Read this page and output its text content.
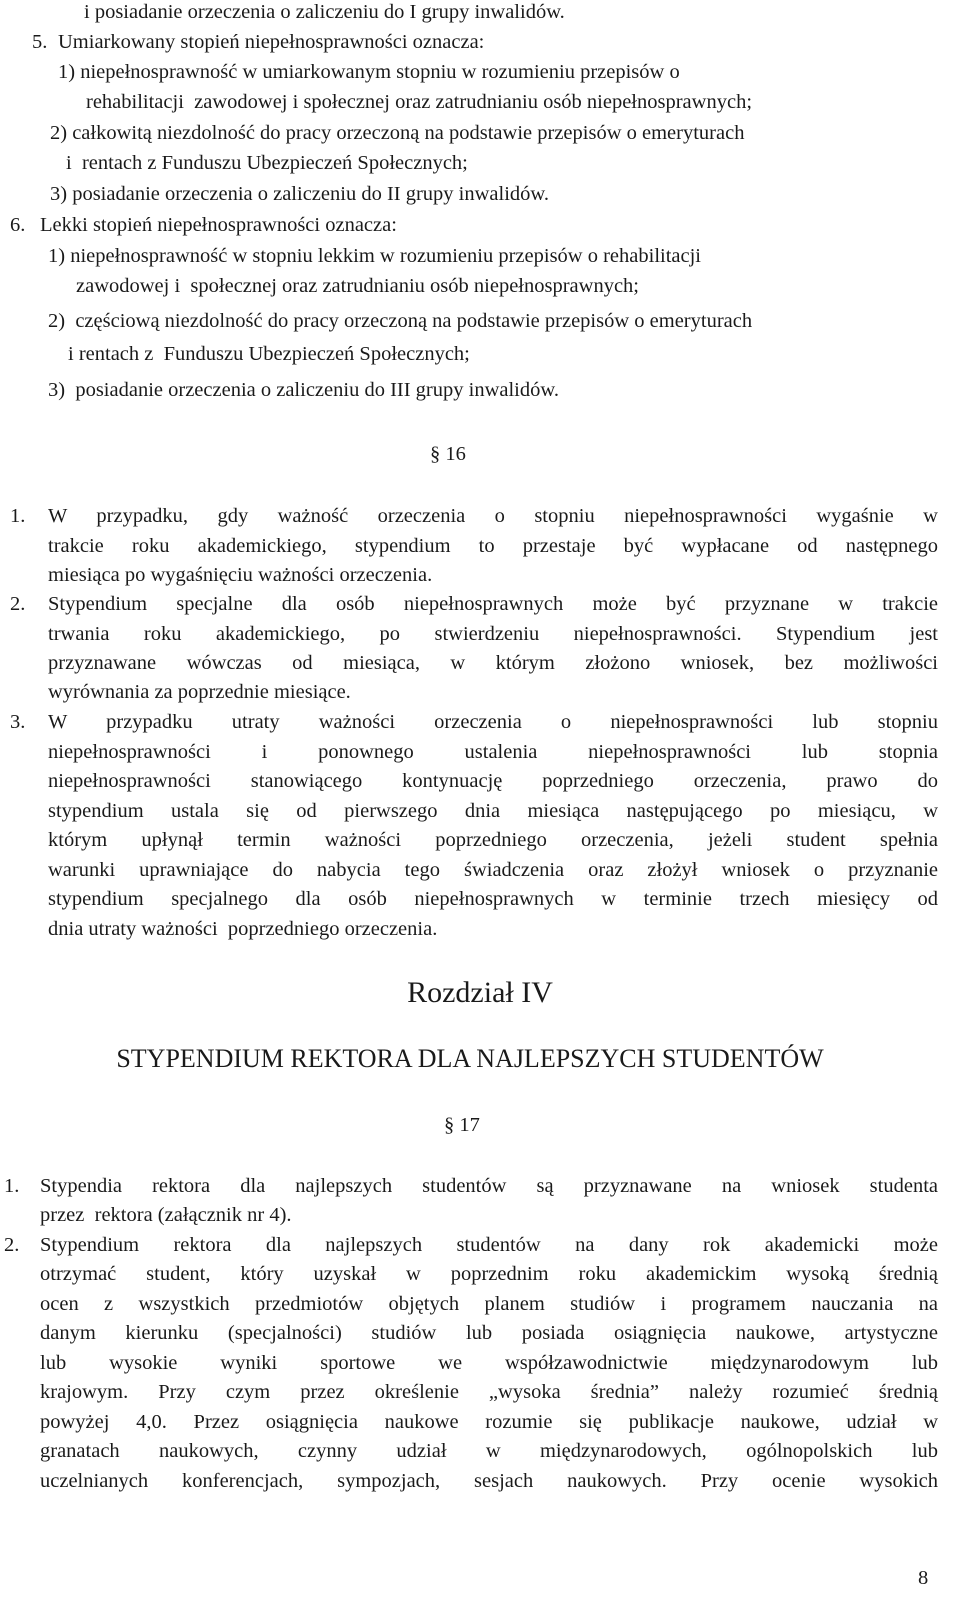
i posiadanie orzeczenia o zaliczeniu do I grupy inwalidów.
5. Umiarkowany stopień niepełnosprawności oznacza:
1) niepełnosprawność w umiarkowanym stopniu w rozumieniu przepisów o
rehabilitacji  zawodowej i społecznej oraz zatrudnianiu osób niepełnosprawnych;
2) całkowitą niezdolność do pracy orzeczoną na podstawie przepisów o emeryturach
i  rentach z Funduszu Ubezpieczeń Społecznych;
3) posiadanie orzeczenia o zaliczeniu do II grupy inwalidów.
6. Lekki stopień niepełnosprawności oznacza:
1) niepełnosprawność w stopniu lekkim w rozumieniu przepisów o rehabilitacji
zawodowej i  społecznej oraz zatrudnianiu osób niepełnosprawnych;
2)  częściową niezdolność do pracy orzeczoną na podstawie przepisów o emeryturach
i rentach z  Funduszu Ubezpieczeń Społecznych;
3)  posiadanie orzeczenia o zaliczeniu do III grupy inwalidów.
§ 16
1. W przypadku, gdy ważność orzeczenia o stopniu niepełnosprawności wygaśnie w
trakcie roku akademickiego, stypendium to przestaje być wypłacane od następnego
miesiąca po wygaśnięciu ważności orzeczenia.
2. Stypendium specjalne dla osób niepełnosprawnych może być przyznane w trakcie
trwania roku akademickiego, po stwierdzeniu niepełnosprawności. Stypendium jest
przyznawane wówczas od miesiąca, w którym złożono wniosek, bez możliwości
wyrównania za poprzednie miesiące.
3. W przypadku utraty ważności orzeczenia o niepełnosprawności lub stopniu
niepełnosprawności i ponownego ustalenia niepełnosprawności lub stopnia
niepełnosprawności stanowiącego kontynuację poprzedniego orzeczenia, prawo do
stypendium ustala się od pierwszego dnia miesiąca następującego po miesiącu, w
którym upłynął termin ważności poprzedniego orzeczenia, jeżeli student spełnia
warunki uprawniające do nabycia tego świadczenia oraz złożył wniosek o przyznanie
stypendium specjalnego dla osób niepełnosprawnych w terminie trzech miesięcy od
dnia utraty ważności  poprzedniego orzeczenia.
Rozdział IV
STYPENDIUM REKTORA DLA NAJLEPSZYCH STUDENTÓW
§ 17
1. Stypendia rektora dla najlepszych studentów są przyznawane na wniosek studenta
przez  rektora (załącznik nr 4).
2. Stypendium rektora dla najlepszych studentów na dany rok akademicki może
otrzymać student, który uzyskał w poprzednim roku akademickim wysoką średnią
ocen z wszystkich przedmiotów objętych planem studiów i programem nauczania na
danym kierunku (specjalności) studiów lub posiada osiągnięcia naukowe, artystyczne
lub wysokie wyniki sportowe we współzawodnictwie międzynarodowym lub
krajowym. Przy czym przez określenie „wysoka średnia” należy rozumieć średnią
powyżej 4,0. Przez osiągnięcia naukowe rozumie się publikacje naukowe, udział w
granatach naukowych, czynny udział w międzynarodowych, ogólnopolskich lub
uczelnianych konferencjach, sympozjach, sesjach naukowych. Przy ocenie wysokich
8
